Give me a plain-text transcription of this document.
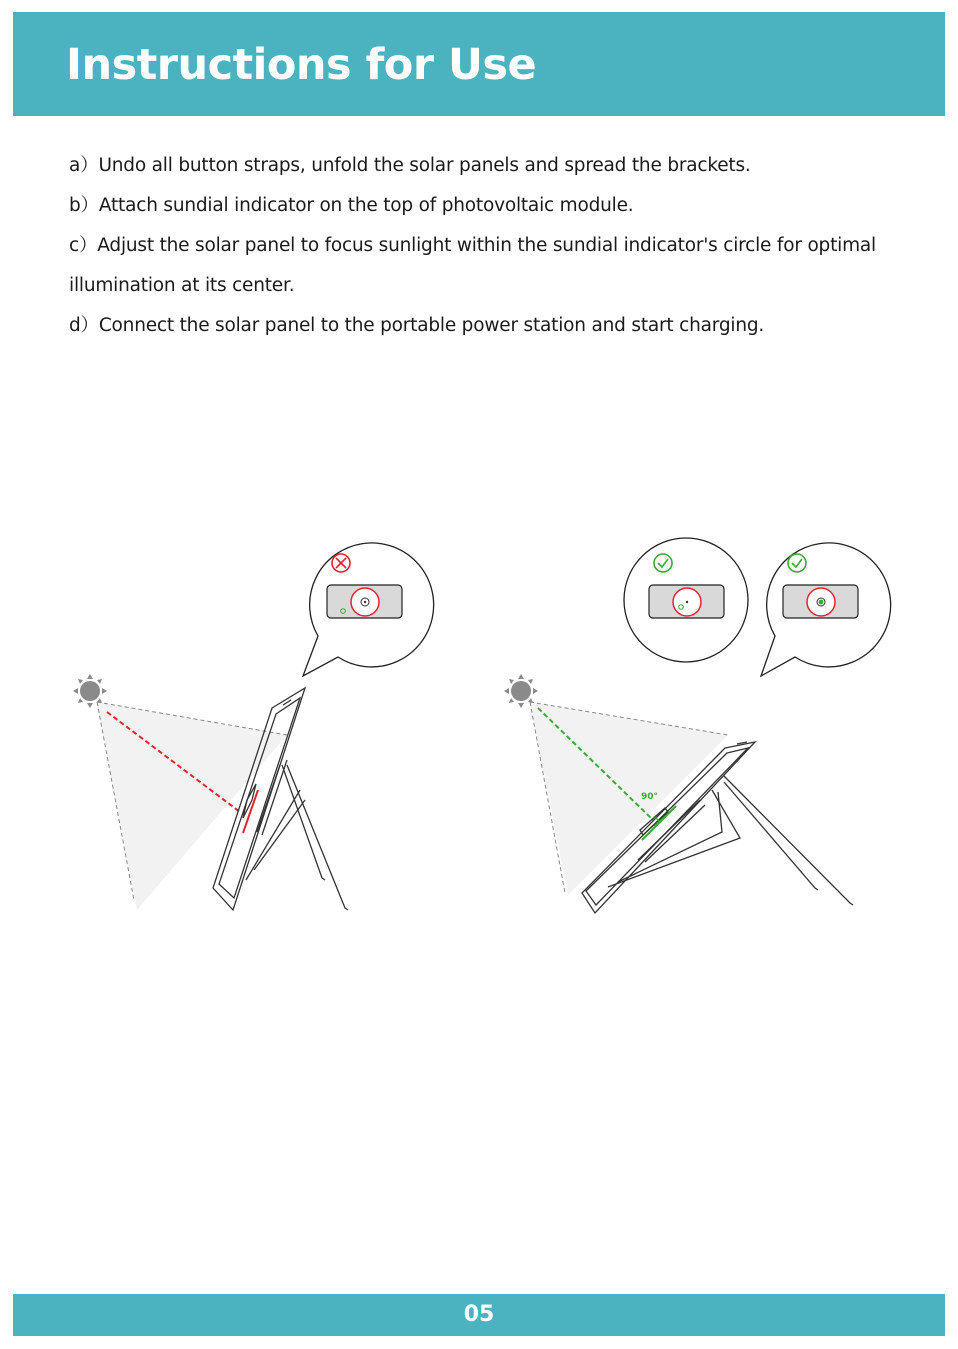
Instructions for Use

a）Undo all button straps, unfold the solar panels and spread the brackets.

b）Attach sundial indicator on the top of photovoltaic module.

c）Adjust the solar panel to focus sunlight within the sundial indicator's circle for optimal illumination at its center.

d）Connect the solar panel to the portable power station and start charging.

90°
05
